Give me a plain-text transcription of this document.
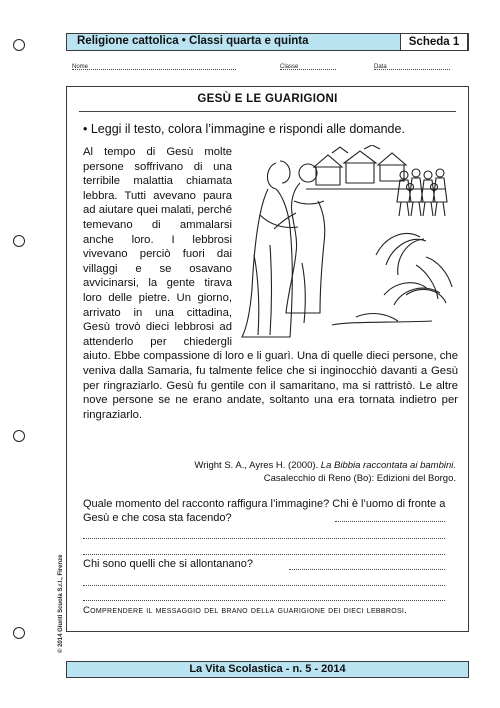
Religione cattolica • Classi quarta e quinta	Scheda 1
Nome	Classe	Data
GESÙ E LE GUARIGIONI
• Leggi il testo, colora l’immagine e rispondi alle domande.
Al tempo di Gesù molte persone soffrivano di una terribile malattia chiamata lebbra. Tutti avevano paura ad aiutare quei malati, perché temevano di ammalarsi anche loro. I lebbrosi vivevano perciò fuori dai villaggi e se osavano avvicinarsi, la gente tirava loro delle pietre. Un giorno, arrivato in una cittadina, Gesù trovò dieci lebbrosi ad attenderlo per chiedergli aiuto. Ebbe compassione di loro e li guarì. Una di quelle dieci persone, che veniva dalla Samaria, fu talmente felice che si inginocchiò davanti a Gesù per ringraziarlo. Gesù fu gentile con il samaritano, ma si rattristò. Le altre nove persone se ne erano andate, soltanto una era tornata indietro per ringraziarlo.
Wright S. A., Ayres H. (2000). La Bibbia raccontata ai bambini.
Casalecchio di Reno (Bo): Edizioni del Borgo.
Quale momento del racconto raffigura l’immagine? Chi è l’uomo di fronte a Gesù e che cosa sta facendo?
Chi sono quelli che si allontanano?
Comprendere il messaggio del brano della guarigione dei dieci lebbrosi.
© 2014 Giunti Scuola S.r.l., Firenze
La Vita Scolastica - n. 5 - 2014
